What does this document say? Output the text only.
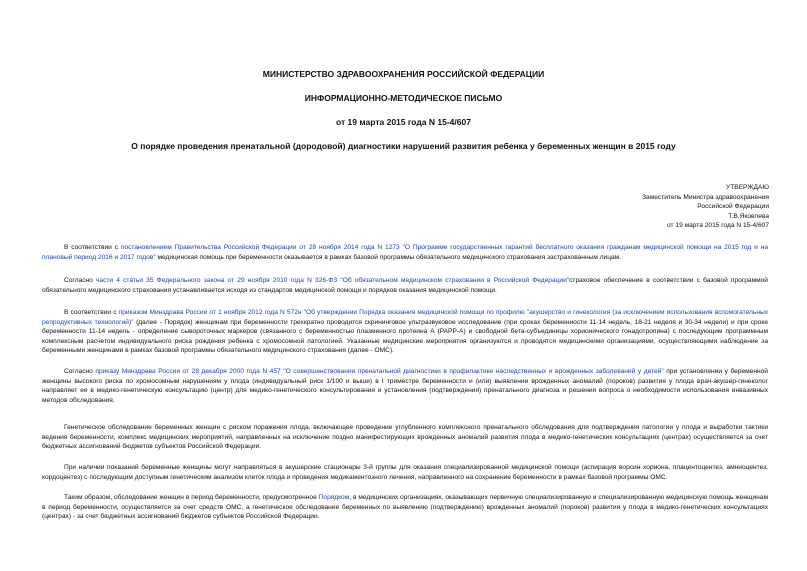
МИНИСТЕРСТВО ЗДРАВООХРАНЕНИЯ РОССИЙСКОЙ ФЕДЕРАЦИИ
ИНФОРМАЦИОННО-МЕТОДИЧЕСКОЕ ПИСЬМО
от 19 марта 2015 года N 15-4/607
О порядке проведения пренатальной (дородовой) диагностики нарушений развития ребенка у беременных женщин в 2015 году
УТВЕРЖДАЮ
Заместитель Министра здравоохранения
Российской Федерации
Т.В.Яковлева
от 19 марта 2015 года N 15-4/607

В соответствии с постановлением Правительства Российской Федерации от 28 ноября 2014 года N 1273 "О Программе государственных гарантий бесплатного оказания гражданам медицинской помощи на 2015 год и на плановый период 2016 и 2017 годов" медицинская помощь при беременности оказывается в рамках базовой программы обязательного медицинского страхования застрахованным лицам.

Согласно части 4 статьи 35 Федерального закона от 29 ноября 2010 года N 326-ФЗ "Об обязательном медицинском страховании в Российской Федерации"страховое обеспечение в соответствии с базовой программой обязательного медицинского страхования устанавливается исходя из стандартов медицинской помощи и порядков оказания медицинской помощи.

В соответствии с приказом Минздрава России от 1 ноября 2012 года N 572н "Об утверждении Порядка оказания медицинской помощи по профилю "акушерство и гинекология (за исключением использования вспомогательных репродуктивных технологий)" (далее - Порядок) женщинам при беременности трехкратно проводится скрининговое ультразвуковое исследование (при сроках беременности 11-14 недель, 18-21 неделя и 30-34 недели) и при сроке беременности 11-14 недель - определение сывороточных маркеров (связанного с беременностью плазменного протеина А (PAPP-A) и свободной бета-субъединицы хорионического гонадотропина) с последующим программным комплексным расчетом индивидуального риска рождения ребенка с хромосомной патологией. Указанные медицинские мероприятия организуются и проводятся медицинскими организациями, осуществляющими наблюдение за беременными женщинами в рамках базовой программы обязательного медицинского страхования (далее - ОМС).

Согласно приказу Минздрава России от 28 декабря 2000 года N 457 "О совершенствовании пренатальной диагностики в профилактике наследственных и врожденных заболеваний у детей" при установлении у беременной женщины высокого риска по хромосомным нарушениям у плода (индивидуальный риск 1/100 и выше) в I триместре беременности и (или) выявлении врожденных аномалий (пороков) развития у плода врач-акушер-гинеколог направляет ее в медико-генетическую консультацию (центр) для медико-генетического консультирования и установления (подтверждения) пренатального диагноза и решения вопроса о необходимости использования инвазивных методов обследования.

Генетическое обследование беременных женщин с риском поражения плода, включающее проведение углубленного комплексного пренатального обследования для подтверждения патологии у плода и выработки тактики ведения беременности, комплекс медицинских мероприятий, направленных на исключение поздно манифестирующих врожденных аномалий развития плода в медико-генетических консультациях (центрах) осуществляется за счет бюджетных ассигнований бюджетов субъектов Российской Федерации.

При наличии показаний беременные женщины могут направляться в акушерские стационары 3-й группы для оказания специализированной медицинской помощи (аспирация ворсин хориона, плацентоцентез, амниоцентез, кордоцентез) с последующим доступным генетическим анализом клеток плода и проведения медикаментозного лечения, направленного на сохранение беременности в рамках базовой программы ОМС.

Таким образом, обследование женщин в период беременности, предусмотренное Порядком, в медицинских организациях, оказывающих первичную специализированную и специализированную медицинскую помощь женщинам в период беременности, осуществляется за счет средств ОМС, а генетическое обследование беременных по выявлению (подтверждению) врожденных аномалий (пороков) развития у плода в медико-генетических консультациях (центрах) - за счет бюджетных ассигнований бюджетов субъектов Российской Федерации.
